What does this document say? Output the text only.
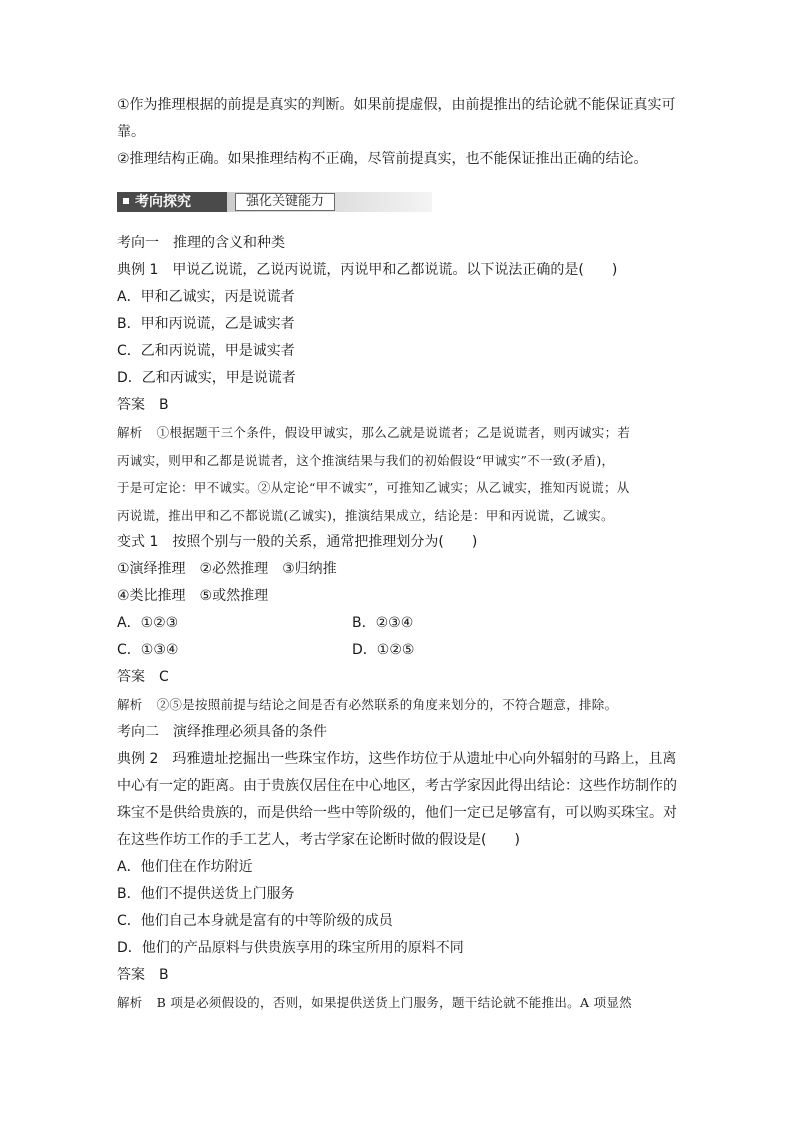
①作为推理根据的前提是真实的判断。如果前提虚假，由前提推出的结论就不能保证真实可

靠。

②推理结构正确。如果推理结构不正确，尽管前提真实，也不能保证推出正确的结论。

考向探究	强化关键能力

考向一　推理的含义和种类

典例 1　甲说乙说谎，乙说丙说谎，丙说甲和乙都说谎。以下说法正确的是(　　)

A．甲和乙诚实，丙是说谎者

B．甲和丙说谎，乙是诚实者

C．乙和丙说谎，甲是诚实者

D．乙和丙诚实，甲是说谎者

答案 B

解析 ①根据题干三个条件，假设甲诚实，那么乙就是说谎者；乙是说谎者，则丙诚实；若

丙诚实，则甲和乙都是说谎者，这个推演结果与我们的初始假设“甲诚实”不一致(矛盾)，

于是可定论：甲不诚实。②从定论“甲不诚实”，可推知乙诚实；从乙诚实，推知丙说谎；从

丙说谎，推出甲和乙不都说谎(乙诚实)，推演结果成立，结论是：甲和丙说谎，乙诚实。

变式 1　按照个别与一般的关系，通常把推理划分为(　　)

①演绎推理　②必然推理　③归纳推

④类比推理　⑤或然推理

A．①②③	B．②③④

C．①③④	D．①②⑤

答案 C

解析 ②⑤是按照前提与结论之间是否有必然联系的角度来划分的，不符合题意，排除。

考向二　演绎推理必须具备的条件

典例 2　玛雅遗址挖掘出一些珠宝作坊，这些作坊位于从遗址中心向外辐射的马路上，且离

中心有一定的距离。由于贵族仅居住在中心地区，考古学家因此得出结论：这些作坊制作的

珠宝不是供给贵族的，而是供给一些中等阶级的，他们一定已足够富有，可以购买珠宝。对

在这些作坊工作的手工艺人，考古学家在论断时做的假设是(　　)

A．他们住在作坊附近

B．他们不提供送货上门服务

C．他们自己本身就是富有的中等阶级的成员

D．他们的产品原料与供贵族享用的珠宝所用的原料不同

答案 B

解析 B 项是必须假设的，否则，如果提供送货上门服务，题干结论就不能推出。A 项显然
